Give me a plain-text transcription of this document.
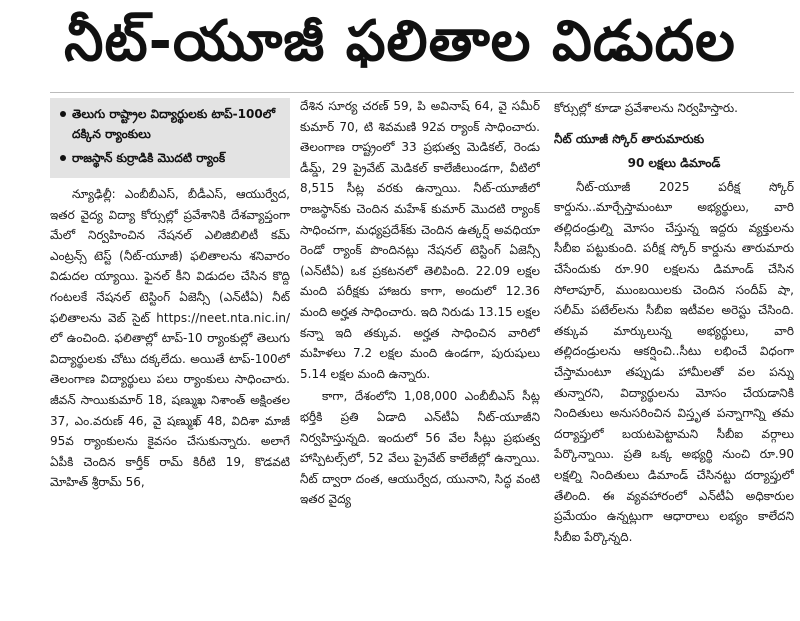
నీట్-యూజీ ఫలితాల విడుదల
తెలుగు రాష్ట్రాల విద్యార్థులకు టాప్-100లో దక్కిన ర్యాంకులు
రాజస్థాన్ కుర్రాడికి మొదటి ర్యాంక్

న్యూఢిల్లీ: ఎంబీబీఎస్, బీడీఎస్, ఆయుర్వేద, ఇతర వైద్య విద్యా కోర్సుల్లో ప్రవేశానికి దేశవ్యాప్తంగా మేలో నిర్వహించిన నేషనల్ ఎలిజిబిలిటీ కమ్ ఎంట్రన్స్ టెస్ట్ (నీట్-యూజీ) ఫలితాలను శనివారం విడుదల య్యాయి. ఫైనల్ కీని విడుదల చేసిన కొద్ది గంటలకే నేషనల్ టెస్టింగ్ ఏజెన్సీ (ఎన్‌టీఏ) నీట్ ఫలితాలను వెబ్ సైట్ https://neet.nta.nic.in/ లో ఉంచింది. ఫలితాల్లో టాప్-10 ర్యాంకుల్లో తెలుగు విద్యార్థులకు చోటు దక్కలేదు. అయితే టాప్-100లో తెలంగాణ విద్యార్థులు పలు ర్యాంకులు సాధించారు. జీవన్ సాయికుమార్ 18, షణ్ముఖ నిశాంత్ అక్షింతల 37, ఎం.వరుణ్ 46, వై షణ్ముఖ్ 48, విదిశా మాజీ 95వ ర్యాంకులను కైవసం చేసుకున్నారు. అలాగే ఏపీకి చెందిన కార్తీక్ రామ్ కిరీటి 19, కొడవటి మోహిత్ శ్రీరామ్ 56,

దేశిన సూర్య చరణ్ 59, పి అవినాష్ 64, వై సమీర్ కుమార్ 70, టి శివమణి 92వ ర్యాంక్ సాధించారు. తెలంగాణ రాష్ట్రంలో 33 ప్రభుత్వ మెడికల్, రెండు డీమ్డ్, 29 ప్రైవేట్ మెడికల్ కాలేజీలుండగా, వీటిలో 8,515 సీట్ల వరకు ఉన్నాయి. నీట్-యూజీలో రాజస్థాన్‌కు చెందిన మహేశ్ కుమార్ మొదటి ర్యాంక్ సాధించగా, మధ్యప్రదేశ్‌కు చెందిన ఉత్కర్ష్ అవధియా రెండో ర్యాంక్ పొందినట్లు నేషనల్ టెస్టింగ్ ఏజెన్సీ (ఎన్‌టీఏ) ఒక ప్రకటనలో తెలిపింది. 22.09 లక్షల మంది పరీక్షకు హాజరు కాగా, అందులో 12.36 మంది అర్హత సాధించారు. ఇది నిరుడు 13.15 లక్షల కన్నా ఇది తక్కువ. అర్హత సాధించిన వారిలో మహిళలు 7.2 లక్షల మంది ఉండగా, పురుషులు 5.14 లక్షల మంది ఉన్నారు.

కాగా, దేశంలోని 1,08,000 ఎంబీబీఎస్ సీట్ల భర్తీకి ప్రతి ఏడాది ఎన్‌టీఏ నీట్-యూజీని నిర్వహిస్తున్నది. ఇందులో 56 వేల సీట్లు ప్రభుత్వ హాస్పిటల్స్‌లో, 52 వేలు ప్రైవేట్ కాలేజీల్లో ఉన్నాయి. నీట్ ద్వారా దంత, ఆయుర్వేద, యునాని, సిద్ధ వంటి ఇతర వైద్య

కోర్సుల్లో కూడా ప్రవేశాలను నిర్వహిస్తారు.

నీట్ యూజీ స్కోర్ తారుమారుకు
90 లక్షలు డిమాండ్

నీట్-యూజీ 2025 పరీక్ష స్కోర్ కార్డును..మార్చేస్తామంటూ అభ్యర్థులు, వారి తల్లిదండ్రుల్ని మోసం చేస్తున్న ఇద్దరు వ్యక్తులను సీబీఐ పట్టుకుంది. పరీక్ష స్కోర్ కార్డును తారుమారు చేసేందుకు రూ.90 లక్షలను డిమాండ్ చేసిన సోలాపూర్, ముంబయిలకు చెందిన సందీప్ షా, సలీమ్ పటేల్‌లను సీబీఐ ఇటీవల అరెస్టు చేసింది. తక్కువ మార్కులున్న అభ్యర్థులు, వారి తల్లిదండ్రులను ఆకర్షించి..సీటు లభించే విధంగా చేస్తామంటూ తప్పుడు హామీలతో వల పన్ను తున్నారని, విద్యార్థులను మోసం చేయడానికి నిందితులు అనుసరించిన విస్తృత పన్నాగాన్ని తమ దర్యాప్తులో బయటపెట్టామని సీబీఐ వర్గాలు పేర్కొన్నాయి. ప్రతి ఒక్క అభ్యర్థి నుంచి రూ.90 లక్షల్ని నిందితులు డిమాండ్ చేసినట్టు దర్యాప్తులో తేలింది. ఈ వ్యవహారంలో ఎన్‌టీఏ అధికారుల ప్రమేయం ఉన్నట్లుగా ఆధారాలు లభ్యం కాలేదని సీబీఐ పేర్కొన్నది.
